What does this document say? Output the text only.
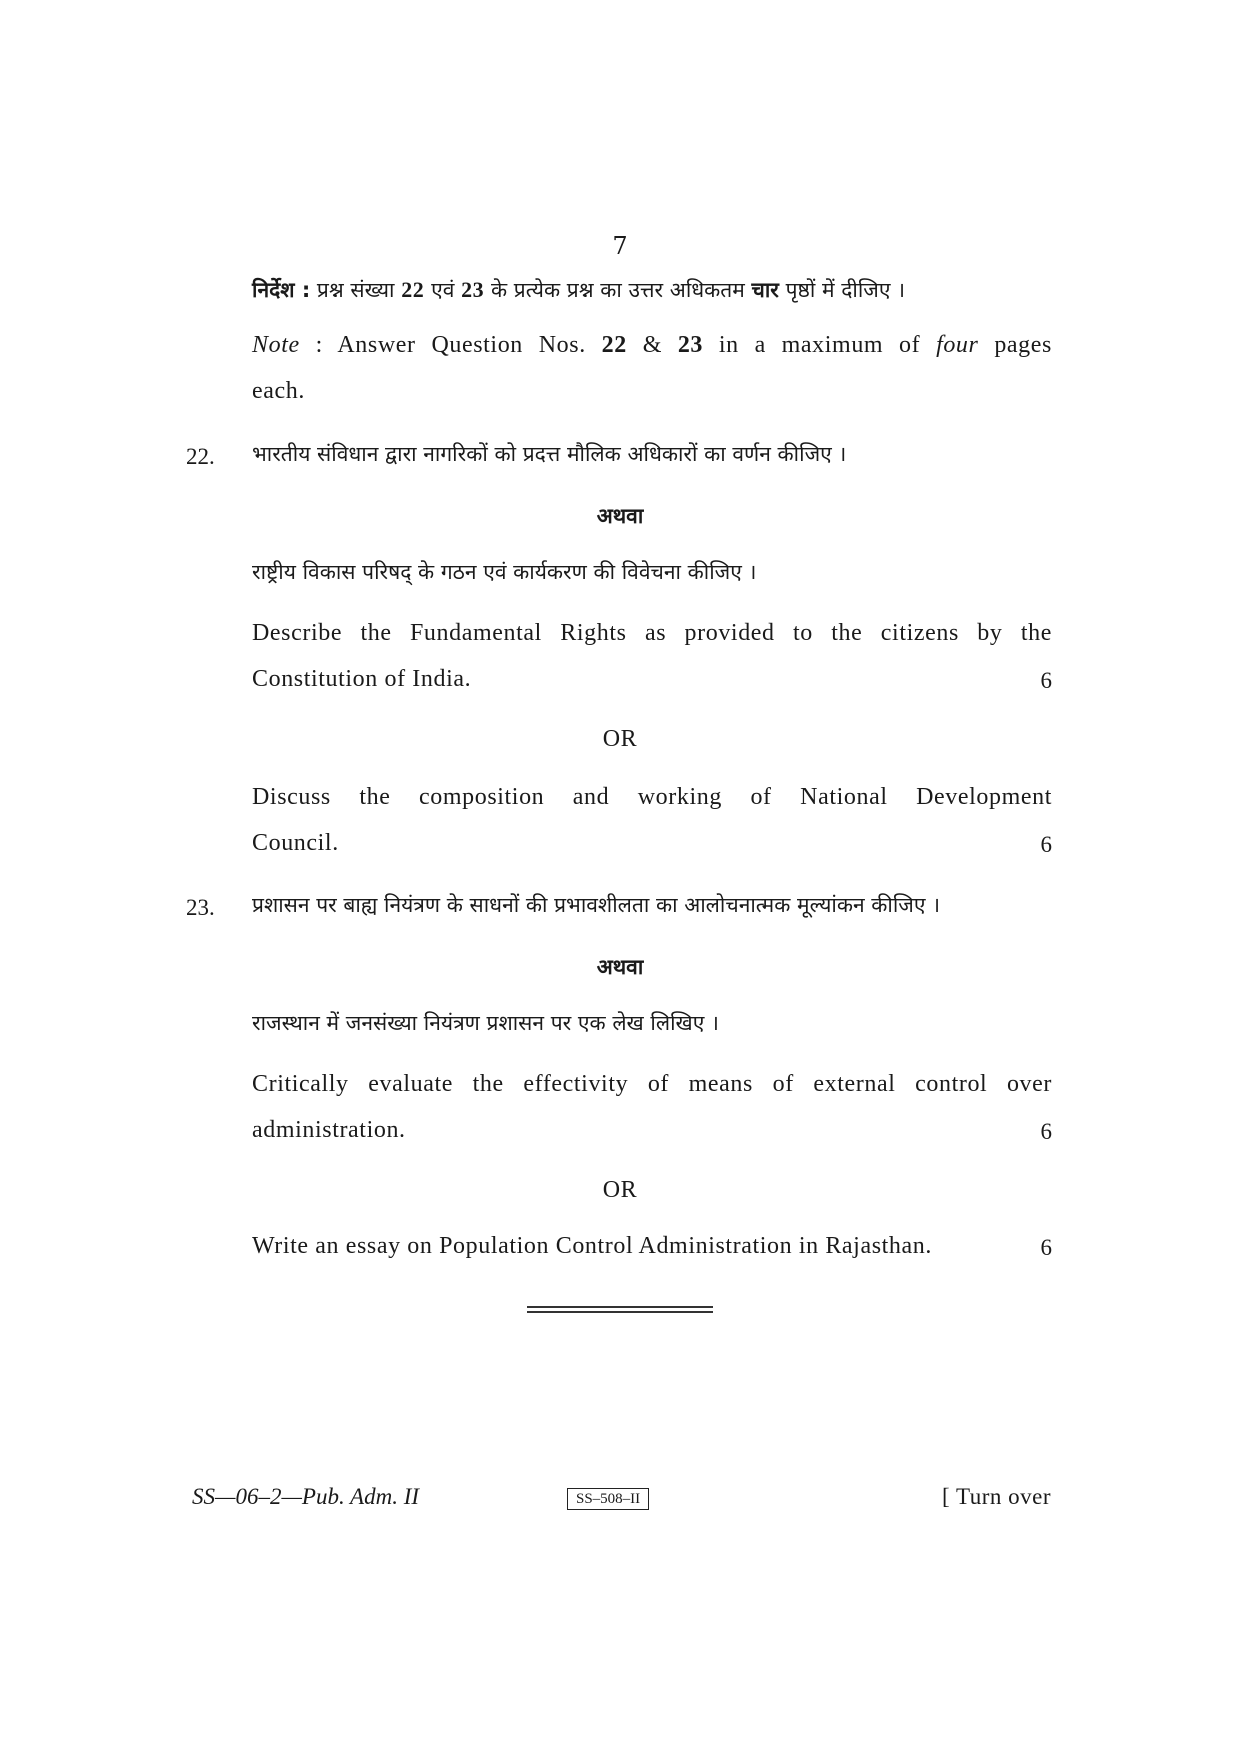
7
निर्देश : प्रश्न संख्या 22 एवं 23 के प्रत्येक प्रश्न का उत्तर अधिकतम चार पृष्ठों में दीजिए ।
Note : Answer Question Nos. 22 & 23 in a maximum of four pages
each.
22. भारतीय संविधान द्वारा नागरिकों को प्रदत्त मौलिक अधिकारों का वर्णन कीजिए ।
अथवा
राष्ट्रीय विकास परिषद् के गठन एवं कार्यकरण की विवेचना कीजिए ।
Describe the Fundamental Rights as provided to the citizens by the
Constitution of India.	6
OR
Discuss the composition and working of National Development
Council.	6
23. प्रशासन पर बाह्य नियंत्रण के साधनों की प्रभावशीलता का आलोचनात्मक मूल्यांकन कीजिए ।
अथवा
राजस्थान में जनसंख्या नियंत्रण प्रशासन पर एक लेख लिखिए ।
Critically evaluate the effectivity of means of external control over
administration.	6
OR
Write an essay on Population Control Administration in Rajasthan.	6
SS—06–2—Pub. Adm. II	SS–508–II	[ Turn over
